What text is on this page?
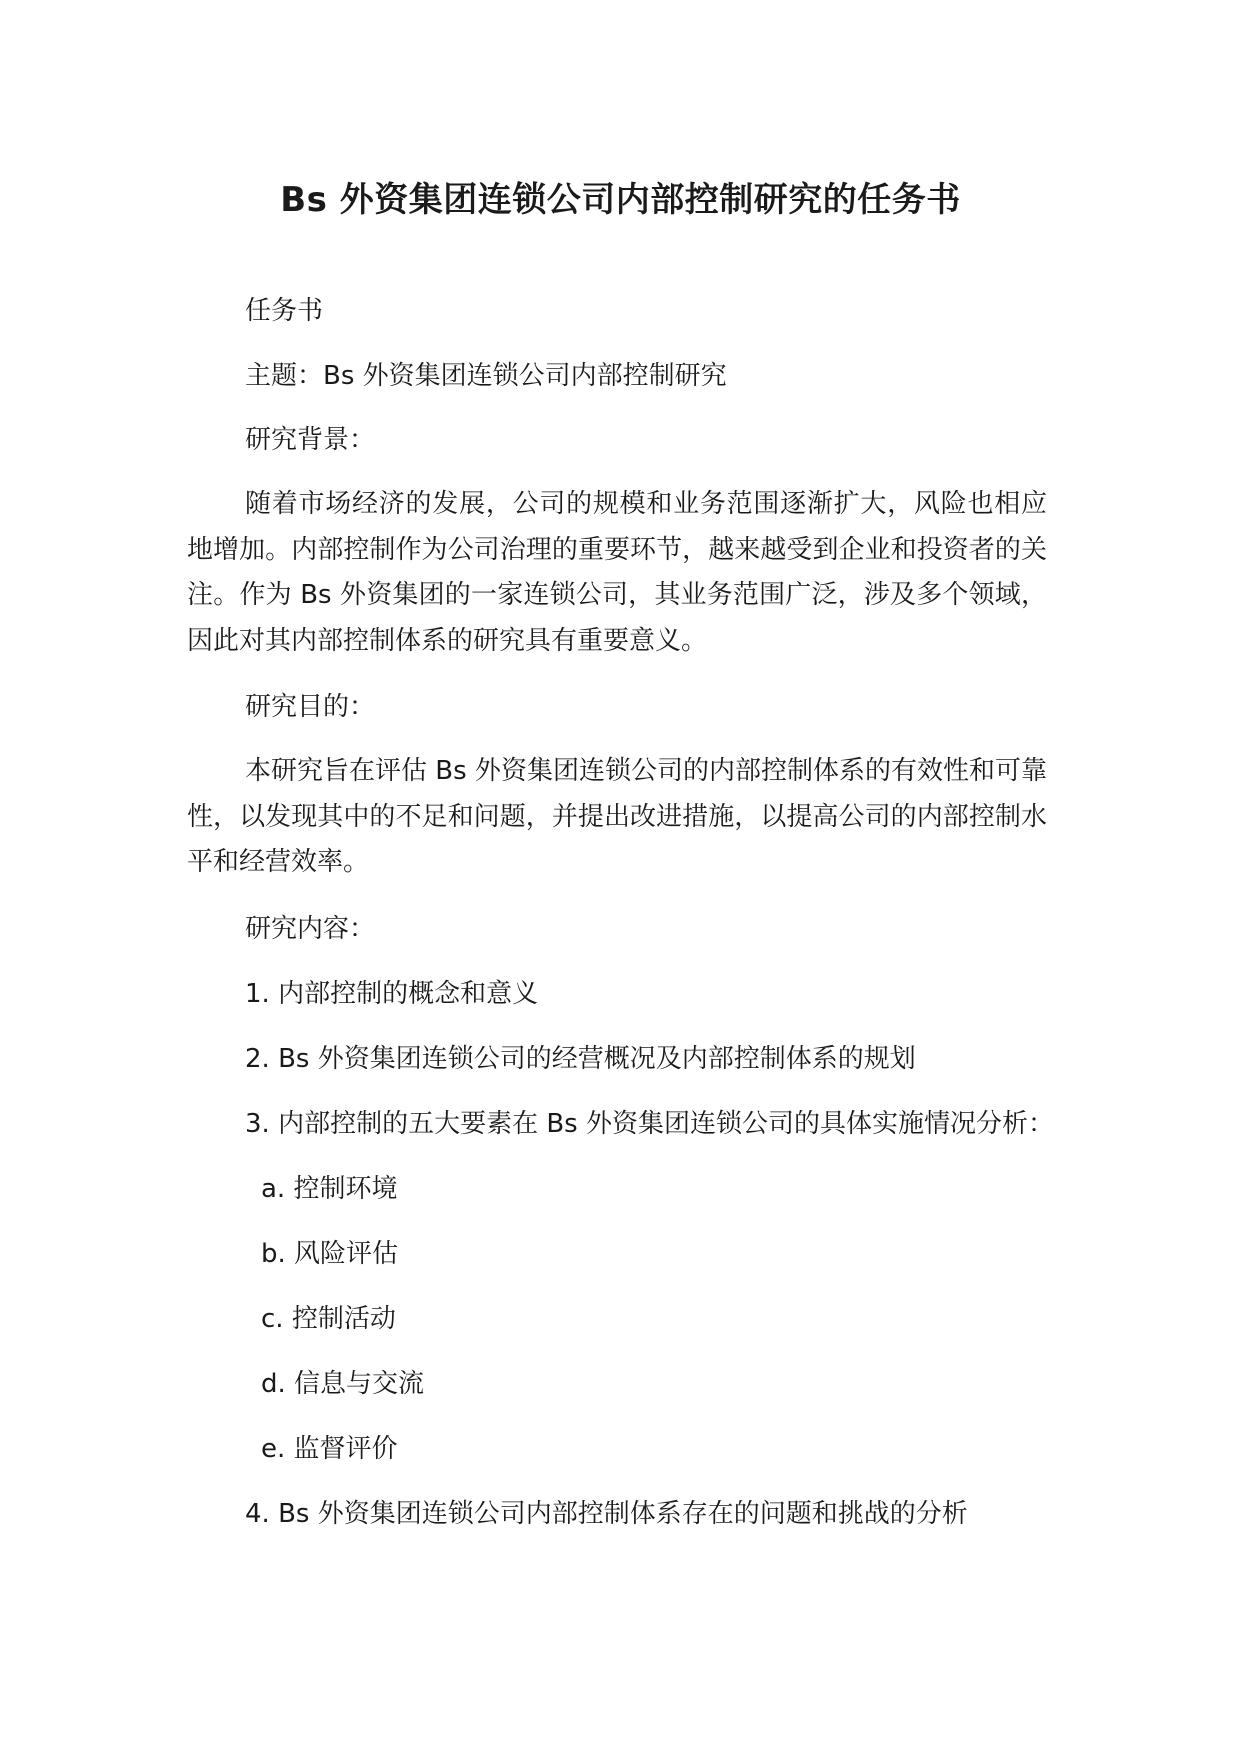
Bs 外资集团连锁公司内部控制研究的任务书
任务书
主题：Bs 外资集团连锁公司内部控制研究
研究背景：
随着市场经济的发展，公司的规模和业务范围逐渐扩大，风险也相应地增加。内部控制作为公司治理的重要环节，越来越受到企业和投资者的关注。作为 Bs 外资集团的一家连锁公司，其业务范围广泛，涉及多个领域，因此对其内部控制体系的研究具有重要意义。
研究目的：
本研究旨在评估 Bs 外资集团连锁公司的内部控制体系的有效性和可靠性，以发现其中的不足和问题，并提出改进措施，以提高公司的内部控制水平和经营效率。
研究内容：
1. 内部控制的概念和意义
2. Bs 外资集团连锁公司的经营概况及内部控制体系的规划
3. 内部控制的五大要素在 Bs 外资集团连锁公司的具体实施情况分析：
a. 控制环境
b. 风险评估
c. 控制活动
d. 信息与交流
e. 监督评价
4. Bs 外资集团连锁公司内部控制体系存在的问题和挑战的分析
